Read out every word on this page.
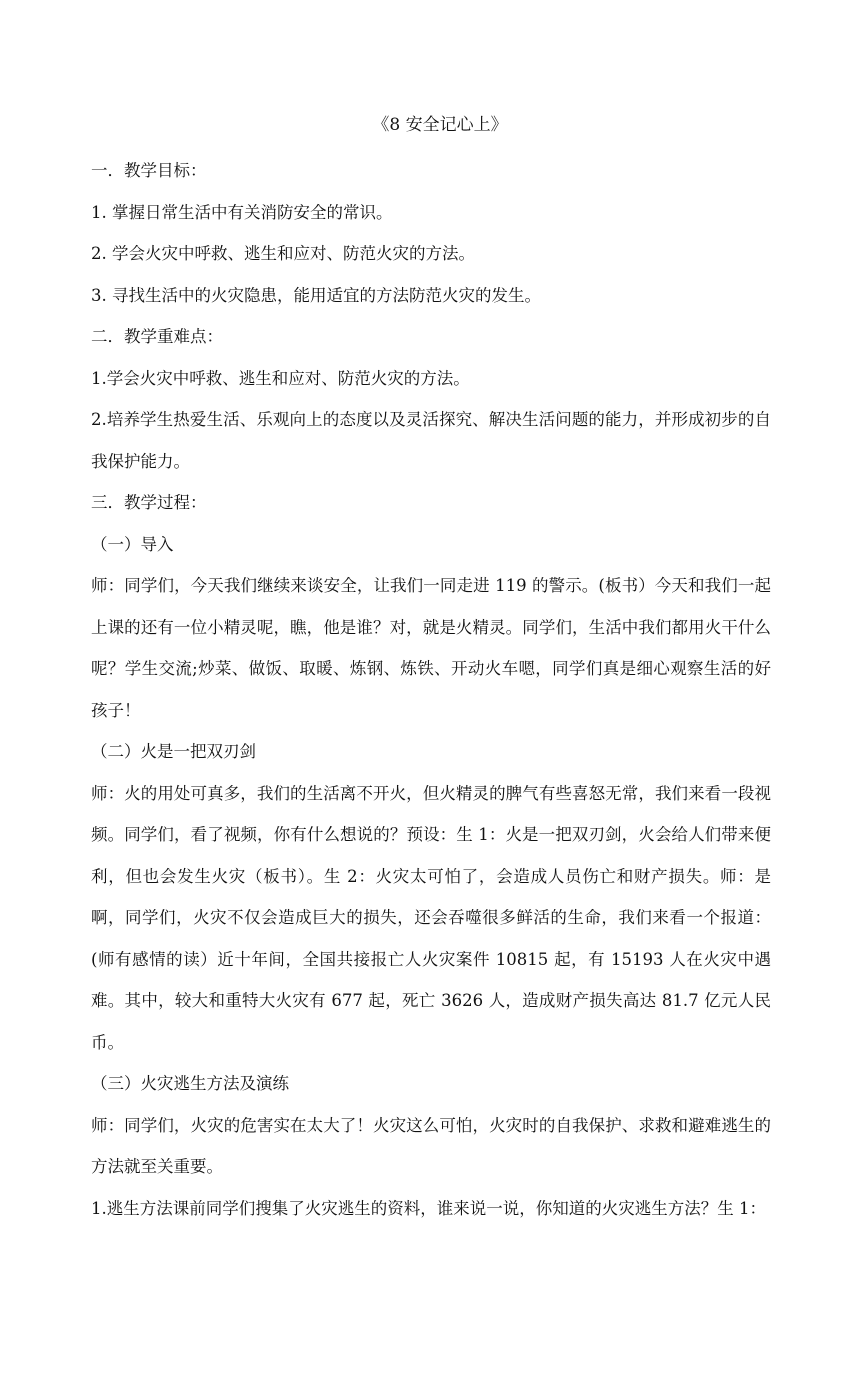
《8 安全记心上》

一．教学目标：

1. 掌握日常生活中有关消防安全的常识。

2. 学会火灾中呼救、逃生和应对、防范火灾的方法。

3. 寻找生活中的火灾隐患，能用适宜的方法防范火灾的发生。

二．教学重难点：

1.学会火灾中呼救、逃生和应对、防范火灾的方法。

2.培养学生热爱生活、乐观向上的态度以及灵活探究、解决生活问题的能力，并形成初步的自我保护能力。

三．教学过程：

（一）导入

师：同学们，今天我们继续来谈安全，让我们一同走进 119 的警示。(板书）今天和我们一起上课的还有一位小精灵呢，瞧，他是谁？对，就是火精灵。同学们，生活中我们都用火干什么呢？学生交流;炒菜、做饭、取暖、炼钢、炼铁、开动火车嗯，同学们真是细心观察生活的好孩子！

（二）火是一把双刃剑

师：火的用处可真多，我们的生活离不开火，但火精灵的脾气有些喜怒无常，我们来看一段视频。同学们，看了视频，你有什么想说的？预设：生 1：火是一把双刃剑，火会给人们带来便利，但也会发生火灾（板书）。生 2：火灾太可怕了，会造成人员伤亡和财产损失。师：是啊，同学们，火灾不仅会造成巨大的损失，还会吞噬很多鲜活的生命，我们来看一个报道：(师有感情的读）近十年间，全国共接报亡人火灾案件 10815 起，有 15193 人在火灾中遇难。其中，较大和重特大火灾有 677 起，死亡 3626 人，造成财产损失高达 81.7 亿元人民币。

（三）火灾逃生方法及演练

师：同学们，火灾的危害实在太大了！火灾这么可怕，火灾时的自我保护、求救和避难逃生的方法就至关重要。

1.逃生方法课前同学们搜集了火灾逃生的资料，谁来说一说，你知道的火灾逃生方法？生 1：
